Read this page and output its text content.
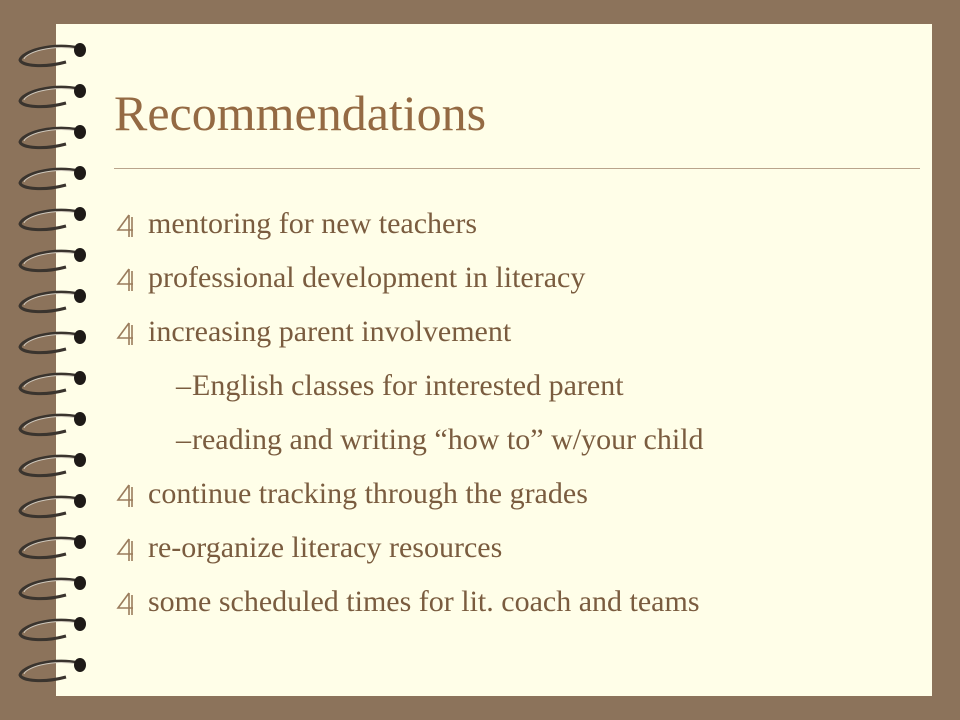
Recommendations
mentoring for new teachers
professional development in literacy
increasing parent involvement
– English classes for interested parent
– reading and writing “how to” w/your child
continue tracking through the grades
re-organize literacy resources
some scheduled times for lit. coach and teams
